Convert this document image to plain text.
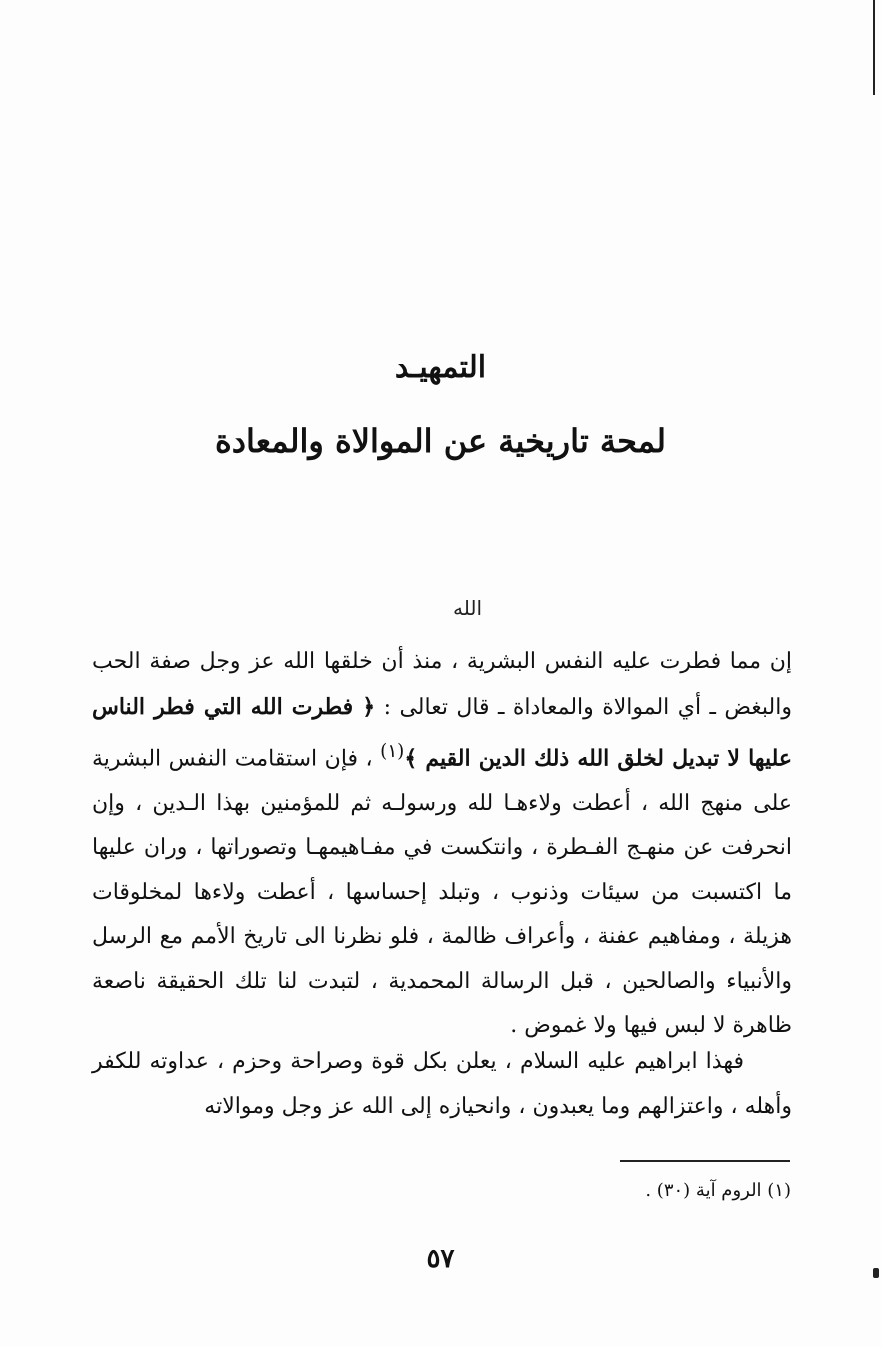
التمهيـد
لمحة تاريخية عن الموالاة والمعادة
الله
إن مما فطرت عليه النفس البشرية ، منذ أن خلقها الله عز وجل صفة الحب والبغض ـ أي الموالاة والمعاداة ـ قال تعالى : ﴿ فطرت الله التي فطر الناس عليها لا تبديل لخلق الله ذلك الدين القيم ﴾$^{(١)}$ ، فإن استقامت النفس البشرية على منهج الله ، أعطت ولاءهـا لله ورسولـه ثم للمؤمنين بهذا الـدين ، وإن انحرفت عن منهـج الفـطرة ، وانتكست في مفـاهيمهـا وتصوراتها ، وران عليها ما اكتسبت من سيئات وذنوب ، وتبلد إحساسها ، أعطت ولاءها لمخلوقات هزيلة ، ومفاهيم عفنة ، وأعراف ظالمة ، فلو نظرنا الى تاريخ الأمم مع الرسل والأنبياء والصالحين ، قبل الرسالة المحمدية ، لتبدت لنا تلك الحقيقة ناصعة ظاهرة لا لبس فيها ولا غموض .
فهذا ابراهيم عليه السلام ، يعلن بكل قوة وصراحة وحزم ، عداوته للكفر وأهله ، واعتزالهم وما يعبدون ، وانحيازه إلى الله عز وجل وموالاته
(١) الروم آية (٣٠) .
٥٧
